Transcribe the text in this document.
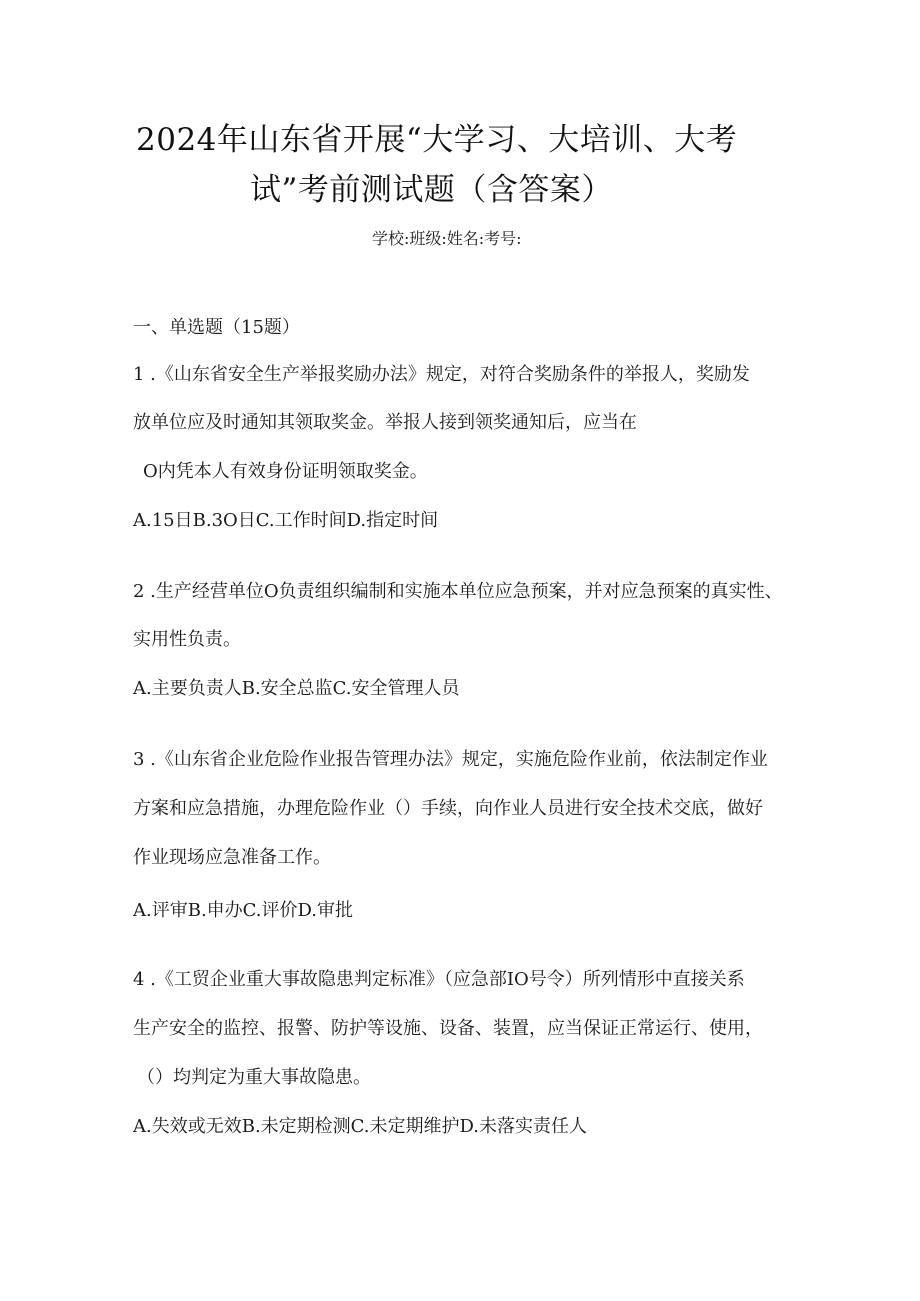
2024年山东省开展“大学习、大培训、大考
试”考前测试题（含答案）
学校:班级:姓名:考号:
一、单选题（15题）
1 .《山东省安全生产举报奖励办法》规定，对符合奖励条件的举报人，奖励发
放单位应及时通知其领取奖金。举报人接到领奖通知后，应当在
O内凭本人有效身份证明领取奖金。
A.15日B.3O日C.工作时间D.指定时间
2 .生产经营单位O负责组织编制和实施本单位应急预案，并对应急预案的真实性、
实用性负责。
A.主要负责人B.安全总监C.安全管理人员
3 .《山东省企业危险作业报告管理办法》规定，实施危险作业前，依法制定作业
方案和应急措施，办理危险作业（）手续，向作业人员进行安全技术交底，做好
作业现场应急准备工作。
A.评审B.申办C.评价D.审批
4 .《工贸企业重大事故隐患判定标准》（应急部IO号令）所列情形中直接关系
生产安全的监控、报警、防护等设施、设备、装置，应当保证正常运行、使用，
（）均判定为重大事故隐患。
A.失效或无效B.未定期检测C.未定期维护D.未落实责任人
